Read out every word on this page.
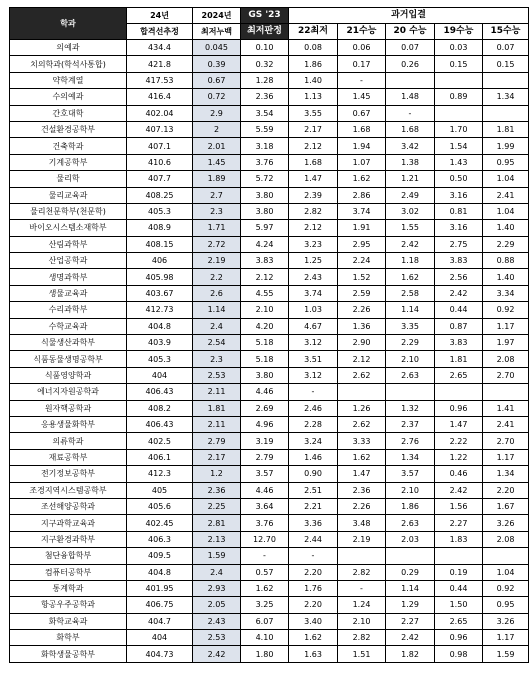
학과	24년	2024년	GS '23	과거입결				
	합격선추정	최저누백	최저판정	22최저	21수능	20 수능	19수능	15수능
의예과	434.4	0.045	0.10	0.08	0.06	0.07	0.03	0.07
치의학과(학석사통합)	421.8	0.39	0.32	1.86	0.17	0.26	0.15	0.15
약학계열	417.53	0.67	1.28	1.40	-			
수의예과	416.4	0.72	2.36	1.13	1.45	1.48	0.89	1.34
간호대학	402.04	2.9	3.54	3.55	0.67	-		
건설환경공학부	407.13	2	5.59	2.17	1.68	1.68	1.70	1.81
건축학과	407.1	2.01	3.18	2.12	1.94	3.42	1.54	1.99
기계공학부	410.6	1.45	3.76	1.68	1.07	1.38	1.43	0.95
물리학	407.7	1.89	5.72	1.47	1.62	1.21	0.50	1.04
물리교육과	408.25	2.7	3.80	2.39	2.86	2.49	3.16	2.41
물리천문학부(천문학)	405.3	2.3	3.80	2.82	3.74	3.02	0.81	1.04
바이오시스템소재학부	408.9	1.71	5.97	2.12	1.91	1.55	3.16	1.40
산림과학부	408.15	2.72	4.24	3.23	2.95	2.42	2.75	2.29
산업공학과	406	2.19	3.83	1.25	2.24	1.18	3.83	0.88
생명과학부	405.98	2.2	2.12	2.43	1.52	1.62	2.56	1.40
생물교육과	403.67	2.6	4.55	3.74	2.59	2.58	2.42	3.34
수리과학부	412.73	1.14	2.10	1.03	2.26	1.14	0.44	0.92
수학교육과	404.8	2.4	4.20	4.67	1.36	3.35	0.87	1.17
식물생산과학부	403.9	2.54	5.18	3.12	2.90	2.29	3.83	1.97
식품동물생명공학부	405.3	2.3	5.18	3.51	2.12	2.10	1.81	2.08
식품영양학과	404	2.53	3.80	3.12	2.62	2.63	2.65	2.70
에너지자원공학과	406.43	2.11	4.46	-				
원자핵공학과	408.2	1.81	2.69	2.46	1.26	1.32	0.96	1.41
응용생물화학부	406.43	2.11	4.96	2.28	2.62	2.37	1.47	2.41
의류학과	402.5	2.79	3.19	3.24	3.33	2.76	2.22	2.70
재료공학부	406.1	2.17	2.79	1.46	1.62	1.34	1.22	1.17
전기정보공학부	412.3	1.2	3.57	0.90	1.47	3.57	0.46	1.34
조경지역시스템공학부	405	2.36	4.46	2.51	2.36	2.10	2.42	2.20
조선해양공학과	405.6	2.25	3.64	2.21	2.26	1.86	1.56	1.67
지구과학교육과	402.45	2.81	3.76	3.36	3.48	2.63	2.27	3.26
지구환경과학부	406.3	2.13	12.70	2.44	2.19	2.03	1.83	2.08
첨단융합학부	409.5	1.59	-	-				
컴퓨터공학부	404.8	2.4	0.57	2.20	2.82	0.29	0.19	1.04
통계학과	401.95	2.93	1.62	1.76	-	1.14	0.44	0.92
항공우주공학과	406.75	2.05	3.25	2.20	1.24	1.29	1.50	0.95
화학교육과	404.7	2.43	6.07	3.40	2.10	2.27	2.65	3.26
화학부	404	2.53	4.10	1.62	2.82	2.42	0.96	1.17
화학생물공학부	404.73	2.42	1.80	1.63	1.51	1.82	0.98	1.59
